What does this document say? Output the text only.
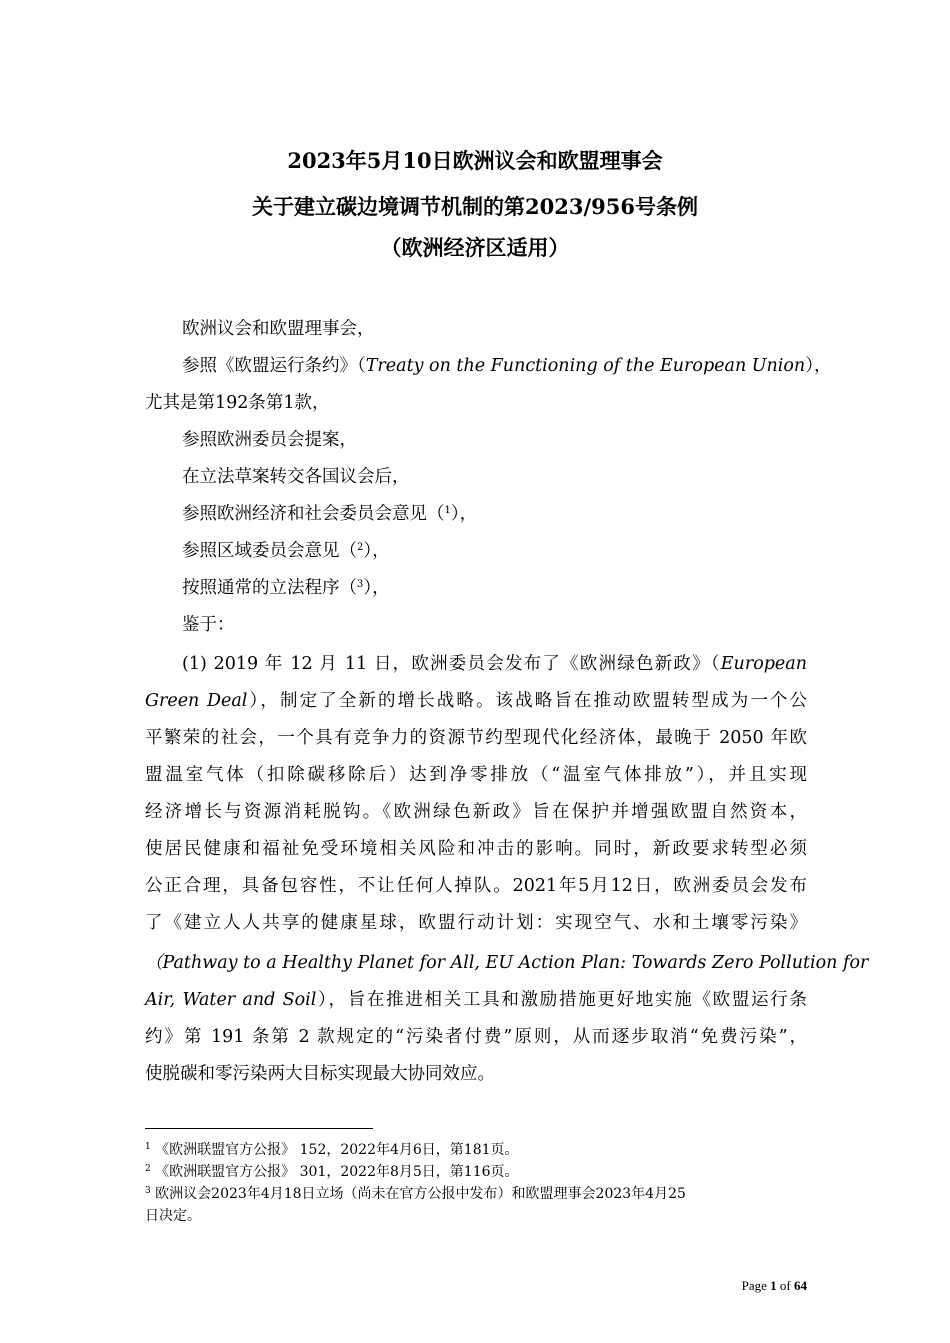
2023年5月10日欧洲议会和欧盟理事会
关于建立碳边境调节机制的第2023/956号条例
（欧洲经济区适用）
欧洲议会和欧盟理事会，
参照《欧盟运行条约》（Treaty on the Functioning of the European Union），
尤其是第192条第1款，
参照欧洲委员会提案，
在立法草案转交各国议会后，
参照欧洲经济和社会委员会意见（$^1$），
参照区域委员会意见（$^2$），
按照通常的立法程序（$^3$），
鉴于：
(1) 2019 年 12 月 11 日，欧洲委员会发布了《欧洲绿色新政》（European
Green Deal），制定了全新的增长战略。该战略旨在推动欧盟转型成为一个公
平繁荣的社会，一个具有竞争力的资源节约型现代化经济体，最晚于 2050 年欧
盟温室气体（扣除碳移除后）达到净零排放（“温室气体排放”），并且实现
经济增长与资源消耗脱钩。《欧洲绿色新政》旨在保护并增强欧盟自然资本，
使居民健康和福祉免受环境相关风险和冲击的影响。同时，新政要求转型必须
公正合理，具备包容性，不让任何人掉队。2021年5月12日，欧洲委员会发布
了《建立人人共享的健康星球，欧盟行动计划：实现空气、水和土壤零污染》
（Pathway to a Healthy Planet for All, EU Action Plan: Towards Zero Pollution for
Air, Water and Soil），旨在推进相关工具和激励措施更好地实施《欧盟运行条
约》第 191 条第 2 款规定的“污染者付费”原则，从而逐步取消“免费污染”，
使脱碳和零污染两大目标实现最大协同效应。
$^1$ 《欧洲联盟官方公报》 152，2022年4月6日，第181页。
$^2$ 《欧洲联盟官方公报》 301，2022年8月5日，第116页。
$^3$ 欧洲议会2023年4月18日立场（尚未在官方公报中发布）和欧盟理事会2023年4月25
日决定。
Page 1 of 64
